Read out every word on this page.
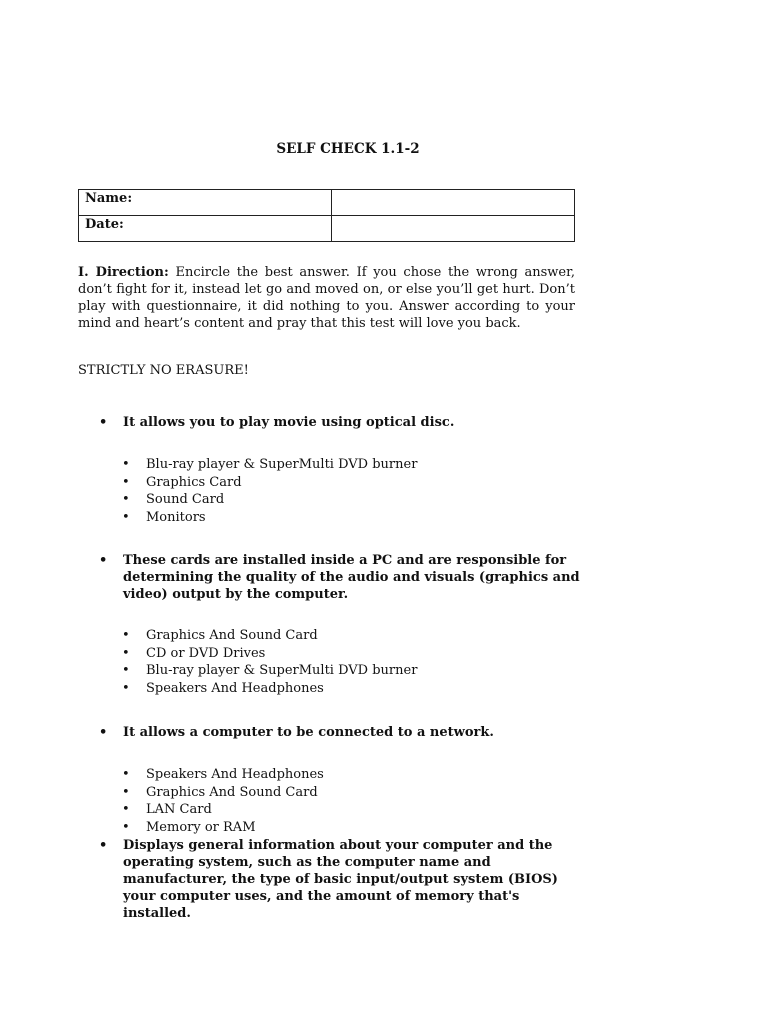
SELF CHECK 1.1-2
Name:	
Date:	
I. Direction: Encircle the best answer. If you chose the wrong answer, don’t fight for it, instead let go and moved on, or else you’ll get hurt. Don’t play with questionnaire, it did nothing to you. Answer according to your mind and heart’s content and pray that this test will love you back.
STRICTLY NO ERASURE!
• It allows you to play movie using optical disc.
• Blu-ray player & SuperMulti DVD burner
• Graphics Card
• Sound Card
• Monitors
• These cards are installed inside a PC and are responsible for determining the quality of the audio and visuals (graphics and video) output by the computer.
• Graphics And Sound Card
• CD or DVD Drives
• Blu-ray player & SuperMulti DVD burner
• Speakers And Headphones
• It allows a computer to be connected to a network.
• Speakers And Headphones
• Graphics And Sound Card
• LAN Card
• Memory or RAM
• Displays general information about your computer and the operating system, such as the computer name and manufacturer, the type of basic input/output system (BIOS) your computer uses, and the amount of memory that's installed.
